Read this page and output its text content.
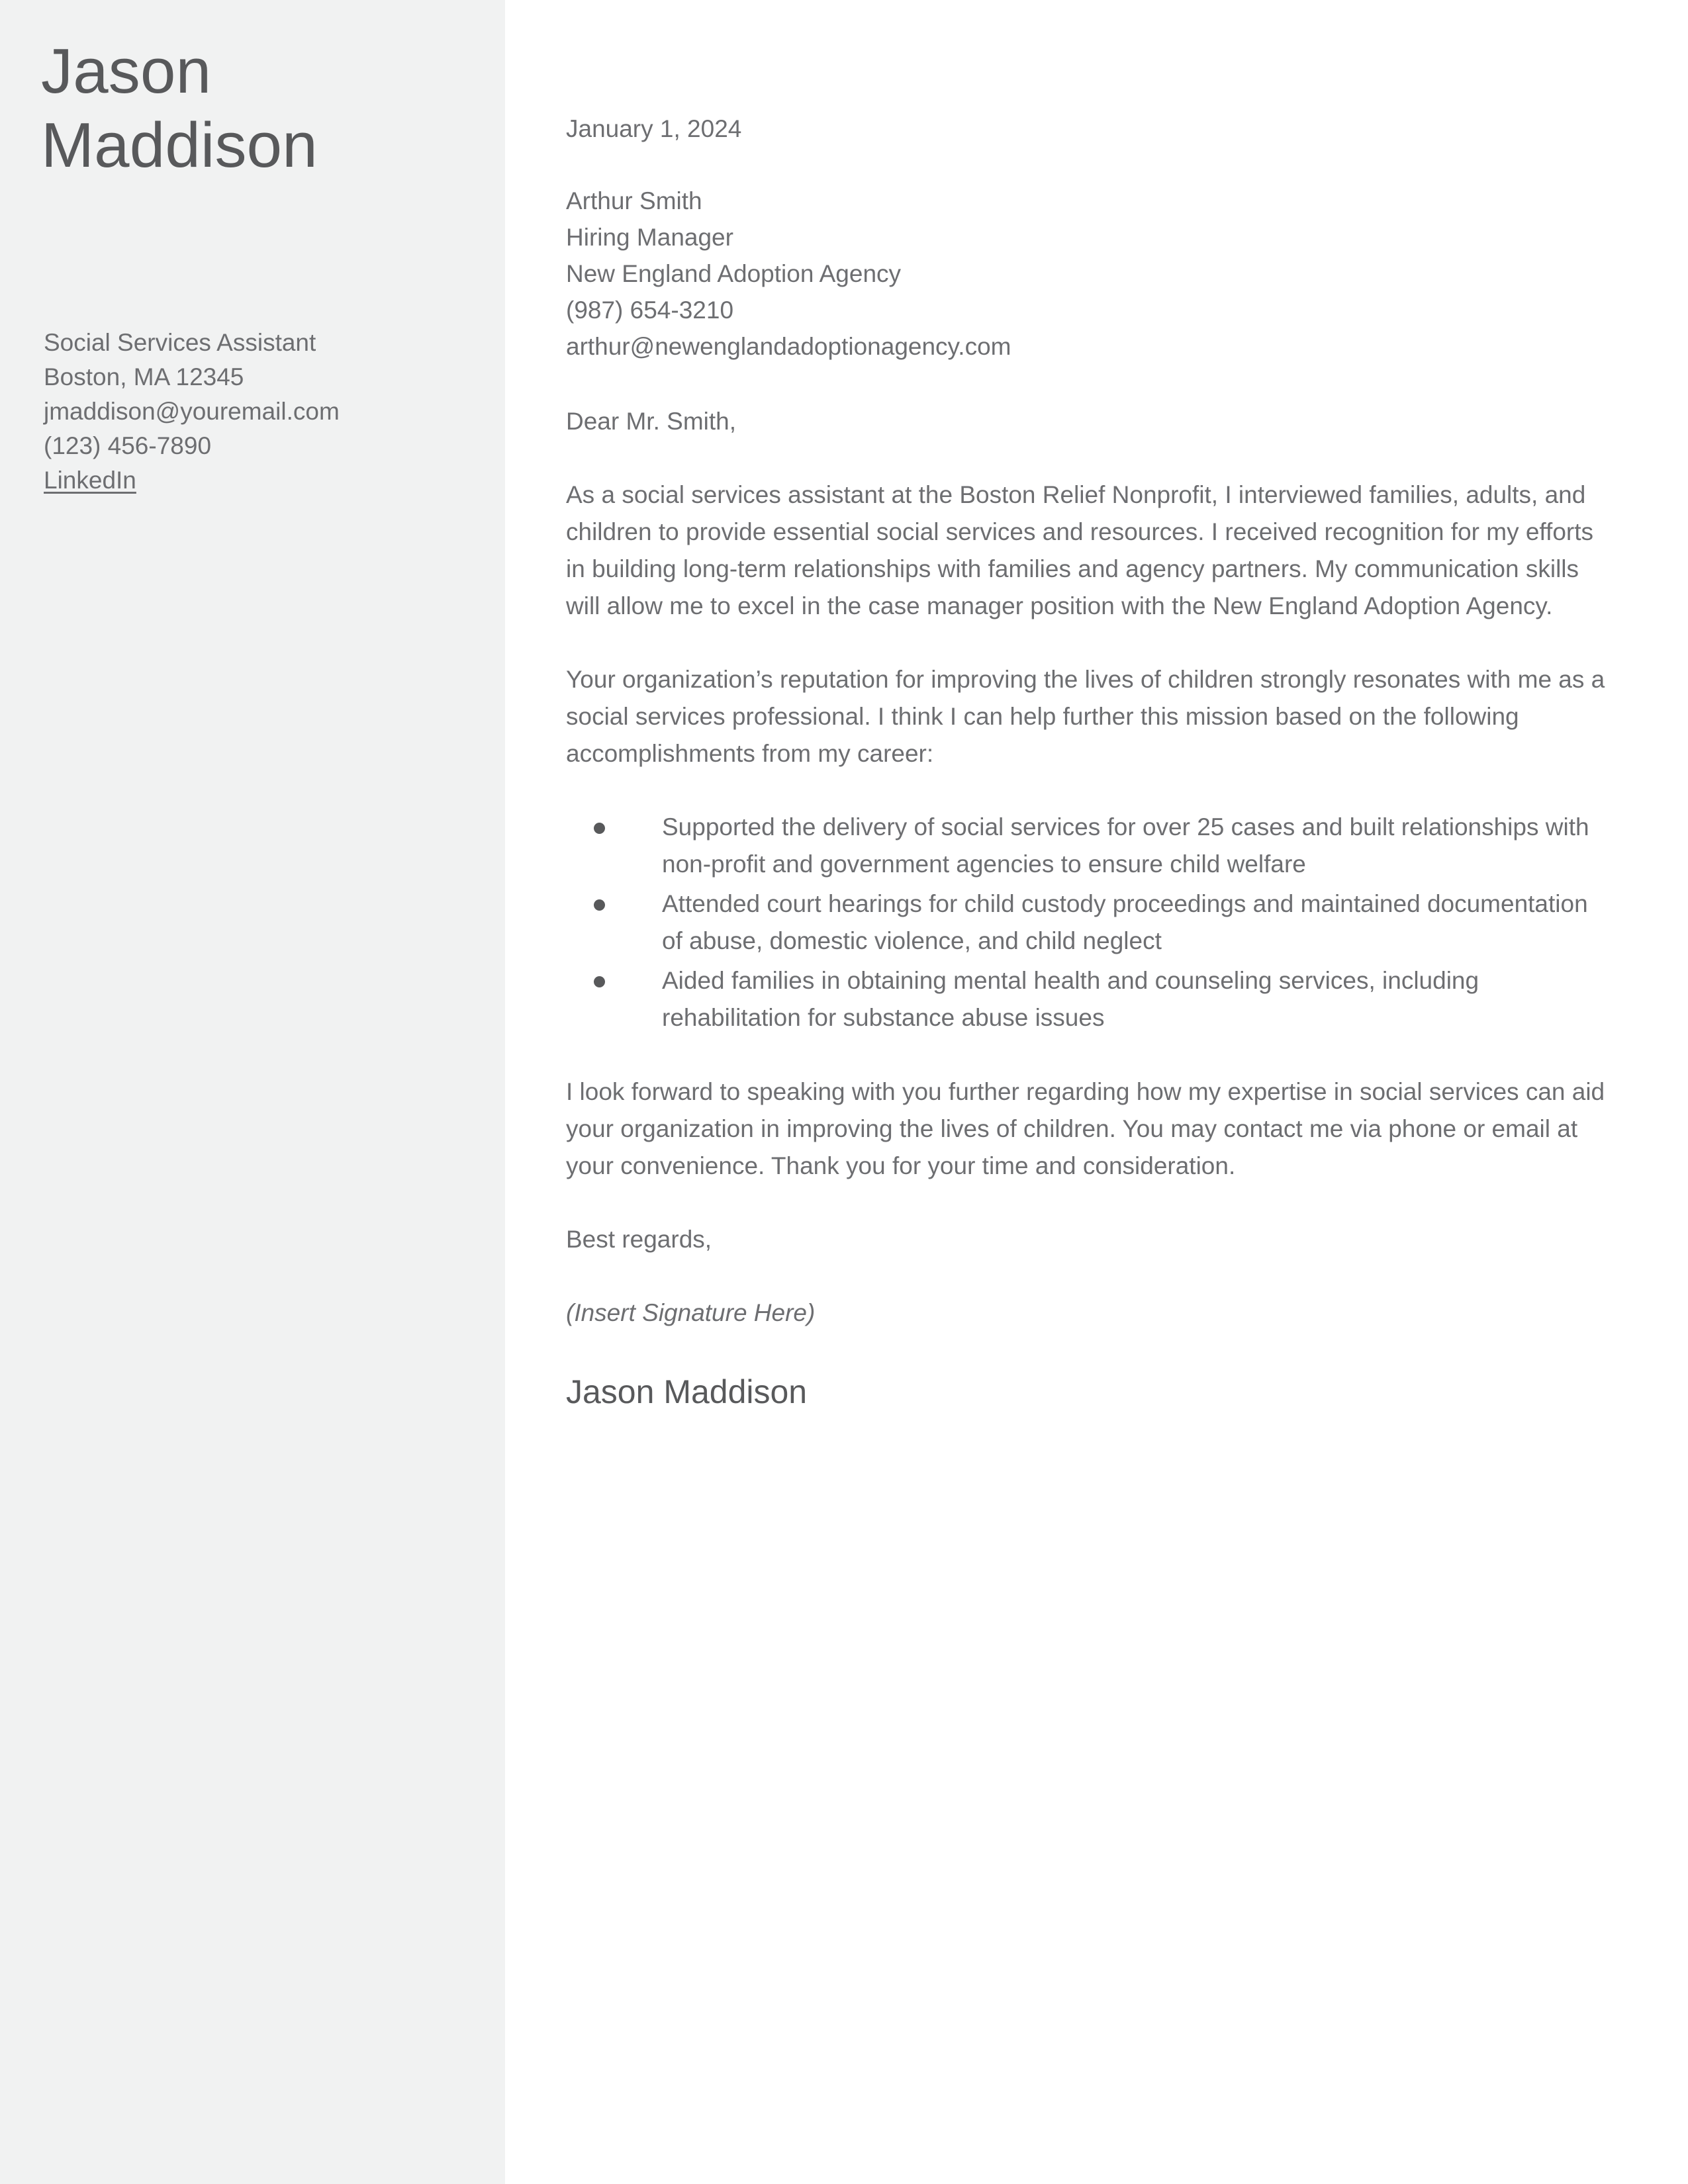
Jason
Maddison
Social Services Assistant
Boston, MA 12345
jmaddison@youremail.com
(123) 456-7890
LinkedIn
January 1, 2024
Arthur Smith
Hiring Manager
New England Adoption Agency
(987) 654-3210
arthur@newenglandadoptionagency.com
Dear Mr. Smith,

As a social services assistant at the Boston Relief Nonprofit, I interviewed families, adults, and children to provide essential social services and resources. I received recognition for my efforts in building long-term relationships with families and agency partners. My communication skills will allow me to excel in the case manager position with the New England Adoption Agency.

Your organization’s reputation for improving the lives of children strongly resonates with me as a social services professional. I think I can help further this mission based on the following accomplishments from my career:

Supported the delivery of social services for over 25 cases and built relationships with non-profit and government agencies to ensure child welfare
Attended court hearings for child custody proceedings and maintained documentation of abuse, domestic violence, and child neglect
Aided families in obtaining mental health and counseling services, including rehabilitation for substance abuse issues

I look forward to speaking with you further regarding how my expertise in social services can aid your organization in improving the lives of children. You may contact me via phone or email at your convenience. Thank you for your time and consideration.

Best regards,
(Insert Signature Here)
Jason Maddison
